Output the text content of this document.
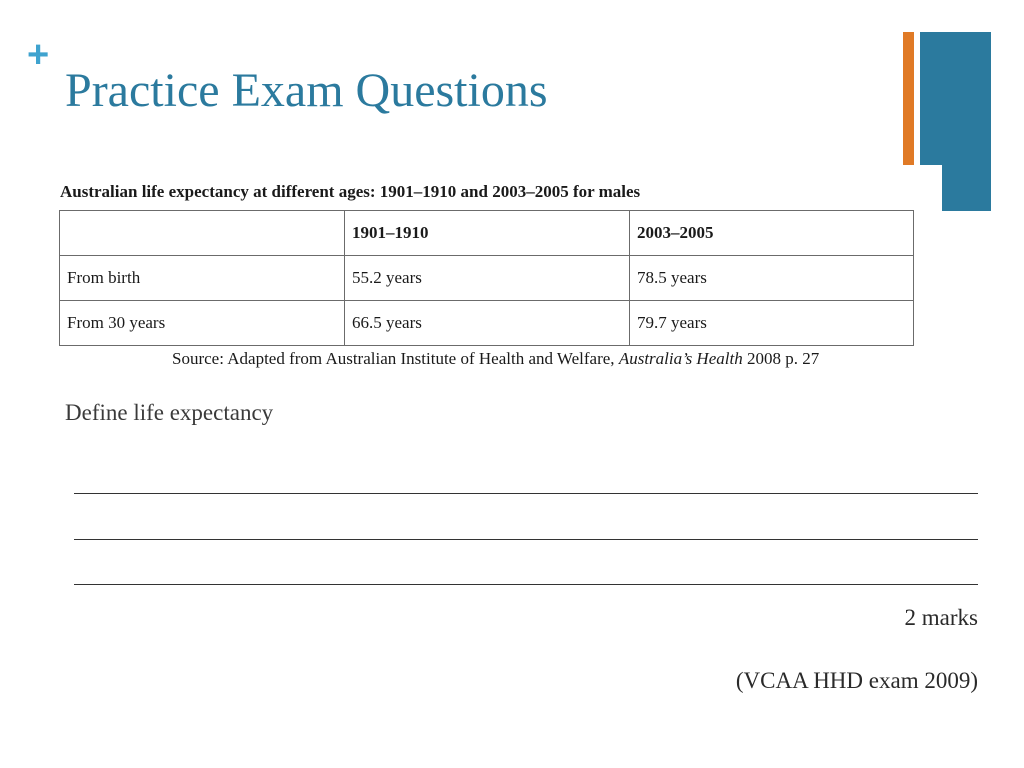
+
Practice Exam Questions
Australian life expectancy at different ages: 1901–1910 and 2003–2005 for males
	1901–1910	2003–2005
From birth	55.2 years	78.5 years
From 30 years	66.5 years	79.7 years
Source: Adapted from Australian Institute of Health and Welfare, Australia’s Health 2008 p. 27
Define life expectancy
2 marks
(VCAA HHD exam 2009)
